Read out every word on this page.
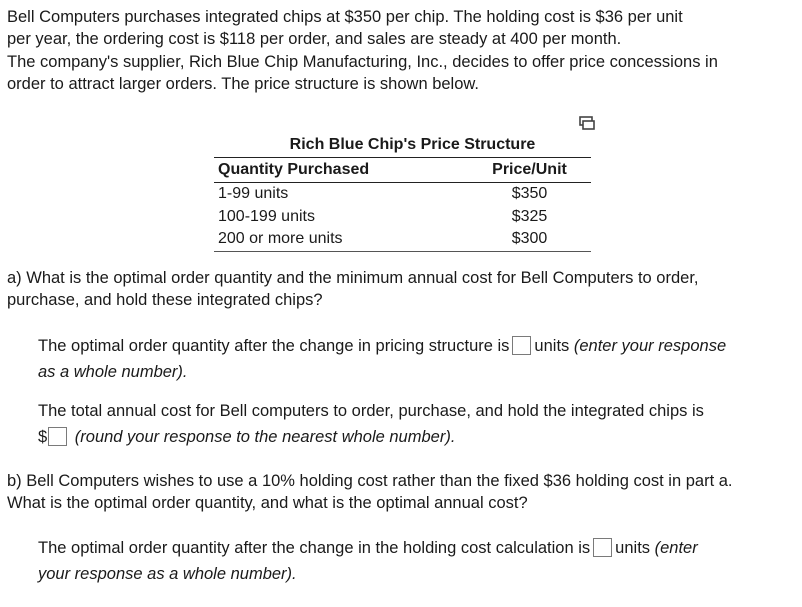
Bell Computers purchases integrated chips at $350 per chip. The holding cost is $36 per unit
per year, the ordering cost is $118 per order, and sales are steady at 400 per month.
The company's supplier, Rich Blue Chip Manufacturing, Inc., decides to offer price concessions in
order to attract larger orders. The price structure is shown below.
Rich Blue Chip's Price Structure
Quantity Purchased	Price/Unit
1-99 units	$350
100-199 units	$325
200 or more units	$300
a) What is the optimal order quantity and the minimum annual cost for Bell Computers to order,
purchase, and hold these integrated chips?
The optimal order quantity after the change in pricing structure is units (enter your response
as a whole number).
The total annual cost for Bell computers to order, purchase, and hold the integrated chips is
$ (round your response to the nearest whole number).
b) Bell Computers wishes to use a 10% holding cost rather than the fixed $36 holding cost in part a.
What is the optimal order quantity, and what is the optimal annual cost?
The optimal order quantity after the change in the holding cost calculation is units (enter
your response as a whole number).
